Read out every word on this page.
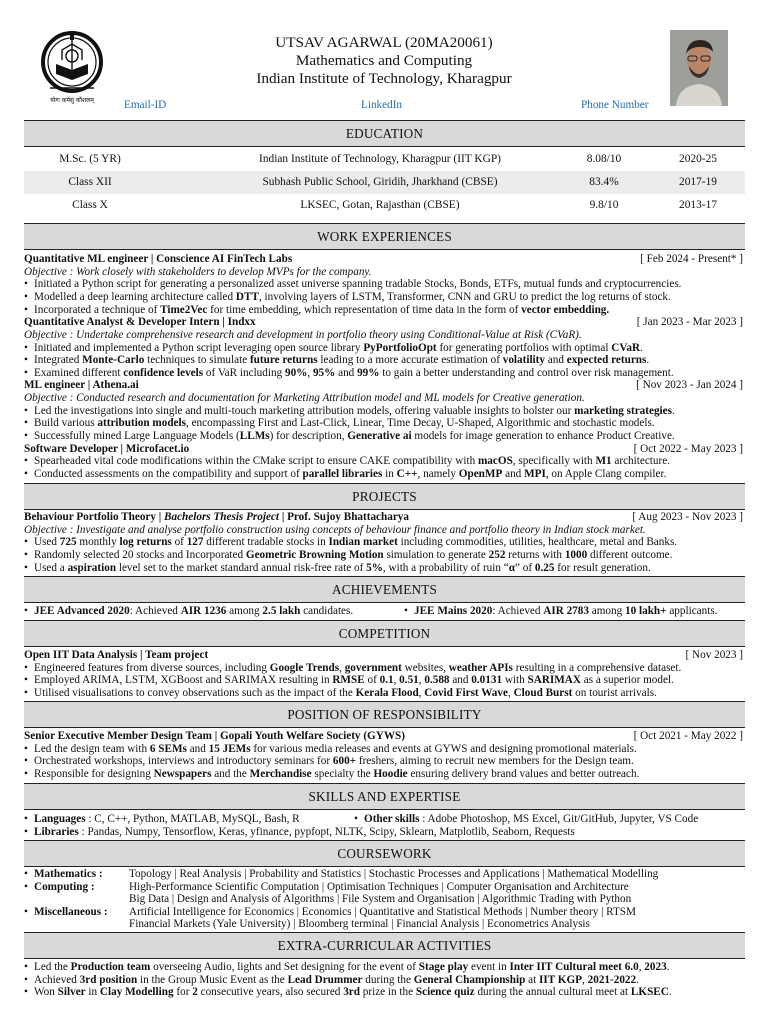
योगः कर्मसु कौशलम्
UTSAV AGARWAL (20MA20061)
Mathematics and Computing
Indian Institute of Technology, Kharagpur
Email-ID	LinkedIn	Phone Number
EDUCATION
M.Sc. (5 YR)	Indian Institute of Technology, Kharagpur (IIT KGP)	8.08/10	2020-25
Class XII	Subhash Public School, Giridih, Jharkhand (CBSE)	83.4%	2017-19
Class X	LKSEC, Gotan, Rajasthan (CBSE)	9.8/10	2013-17
WORK EXPERIENCES
Quantitative ML engineer | Conscience AI FinTech Labs	[ Feb 2024 - Present* ]
Objective : Work closely with stakeholders to develop MVPs for the company.
• Initiated a Python script for generating a personalized asset universe spanning tradable Stocks, Bonds, ETFs, mutual funds and cryptocurrencies.
• Modelled a deep learning architecture called DTT, involving layers of LSTM, Transformer, CNN and GRU to predict the log returns of stock.
• Incorporated a technique of Time2Vec for time embedding, which representation of time data in the form of vector embedding.
Quantitative Analyst & Developer Intern | Indxx	[ Jan 2023 - Mar 2023 ]
Objective : Undertake comprehensive research and development in portfolio theory using Conditional-Value at Risk (CVaR).
• Initiated and implemented a Python script leveraging open source library PyPortfolioOpt for generating portfolios with optimal CVaR.
• Integrated Monte-Carlo techniques to simulate future returns leading to a more accurate estimation of volatility and expected returns.
• Examined different confidence levels of VaR including 90%, 95% and 99% to gain a better understanding and control over risk management.
ML engineer | Athena.ai	[ Nov 2023 - Jan 2024 ]
Objective : Conducted research and documentation for Marketing Attribution model and ML models for Creative generation.
• Led the investigations into single and multi-touch marketing attribution models, offering valuable insights to bolster our marketing strategies.
• Build various attribution models, encompassing First and Last-Click, Linear, Time Decay, U-Shaped, Algorithmic and stochastic models.
• Successfully mined Large Language Models (LLMs) for description, Generative ai models for image generation to enhance Product Creative.
Software Developer | Microfacet.io	[ Oct 2022 - May 2023 ]
• Spearheaded vital code modifications within the CMake script to ensure CAKE compatibility with macOS, specifically with M1 architecture.
• Conducted assessments on the compatibility and support of parallel libraries in C++, namely OpenMP and MPI, on Apple Clang compiler.
PROJECTS
Behaviour Portfolio Theory | Bachelors Thesis Project | Prof. Sujoy Bhattacharya	[ Aug 2023 - Nov 2023 ]
Objective : Investigate and analyse portfolio construction using concepts of behaviour finance and portfolio theory in Indian stock market.
• Used 725 monthly log returns of 127 different tradable stocks in Indian market including commodities, utilities, healthcare, metal and Banks.
• Randomly selected 20 stocks and Incorporated Geometric Browning Motion simulation to generate 252 returns with 1000 different outcome.
• Used a aspiration level set to the market standard annual risk-free rate of 5%, with a probability of ruin “α” of 0.25 for result generation.
ACHIEVEMENTS
• JEE Advanced 2020: Achieved AIR 1236 among 2.5 lakh candidates.	• JEE Mains 2020: Achieved AIR 2783 among 10 lakh+ applicants.
COMPETITION
Open IIT Data Analysis | Team project	[ Nov 2023 ]
• Engineered features from diverse sources, including Google Trends, government websites, weather APIs resulting in a comprehensive dataset.
• Employed ARIMA, LSTM, XGBoost and SARIMAX resulting in RMSE of 0.1, 0.51, 0.588 and 0.0131 with SARIMAX as a superior model.
• Utilised visualisations to convey observations such as the impact of the Kerala Flood, Covid First Wave, Cloud Burst on tourist arrivals.
POSITION OF RESPONSIBILITY
Senior Executive Member Design Team | Gopali Youth Welfare Society (GYWS)	[ Oct 2021 - May 2022 ]
• Led the design team with 6 SEMs and 15 JEMs for various media releases and events at GYWS and designing promotional materials.
• Orchestrated workshops, interviews and introductory seminars for 600+ freshers, aiming to recruit new members for the Design team.
• Responsible for designing Newspapers and the Merchandise specialty the Hoodie ensuring delivery brand values and better outreach.
SKILLS AND EXPERTISE
• Languages : C, C++, Python, MATLAB, MySQL, Bash, R	• Other skills : Adobe Photoshop, MS Excel, Git/GitHub, Jupyter, VS Code
• Libraries : Pandas, Numpy, Tensorflow, Keras, yfinance, pypfopt, NLTK, Scipy, Sklearn, Matplotlib, Seaborn, Requests
COURSEWORK
• Mathematics : Topology | Real Analysis | Probability and Statistics | Stochastic Processes and Applications | Mathematical Modelling
• Computing :	High-Performance Scientific Computation | Optimisation Techniques | Computer Organisation and Architecture
Big Data | Design and Analysis of Algorithms | File System and Organisation | Algorithmic Trading with Python
• Miscellaneous : Artificial Intelligence for Economics | Economics | Quantitative and Statistical Methods | Number theory | RTSM
Financial Markets (Yale University) | Bloomberg terminal | Financial Analysis | Econometrics Analysis
EXTRA-CURRICULAR ACTIVITIES
• Led the Production team overseeing Audio, lights and Set designing for the event of Stage play event in Inter IIT Cultural meet 6.0, 2023.
• Achieved 3rd position in the Group Music Event as the Lead Drummer during the General Championship at IIT KGP, 2021-2022.
• Won Silver in Clay Modelling for 2 consecutive years, also secured 3rd prize in the Science quiz during the annual cultural meet at LKSEC.
